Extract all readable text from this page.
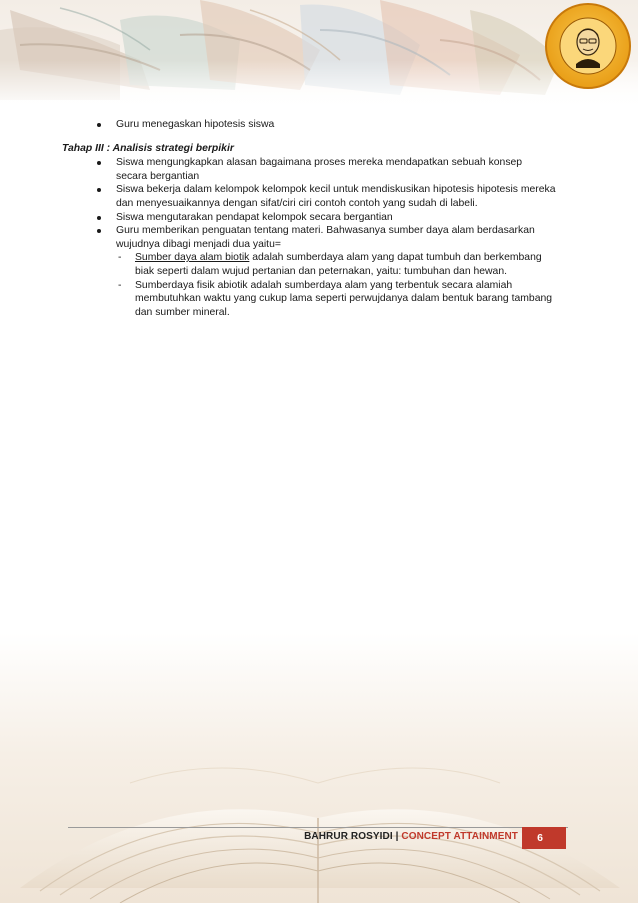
Guru menegaskan hipotesis siswa
Tahap III : Analisis strategi berpikir
Siswa mengungkapkan alasan bagaimana proses mereka mendapatkan sebuah konsep secara bergantian
Siswa bekerja dalam kelompok kelompok kecil untuk mendiskusikan hipotesis hipotesis mereka dan menyesuaikannya dengan sifat/ciri ciri contoh contoh yang sudah di labeli.
Siswa mengutarakan pendapat kelompok secara bergantian
Guru memberikan penguatan tentang materi. Bahwasanya sumber daya alam berdasarkan wujudnya dibagi menjadi dua yaitu=
- Sumber daya alam biotik adalah sumberdaya alam yang dapat tumbuh dan berkembang biak seperti dalam wujud pertanian dan peternakan, yaitu: tumbuhan dan hewan.
- Sumberdaya fisik abiotik adalah sumberdaya alam yang terbentuk secara alamiah membutuhkan waktu yang cukup lama seperti perwujdanya dalam bentuk barang tambang dan sumber mineral.
BAHRUR ROSYIDI | CONCEPT ATTAINMENT	6
